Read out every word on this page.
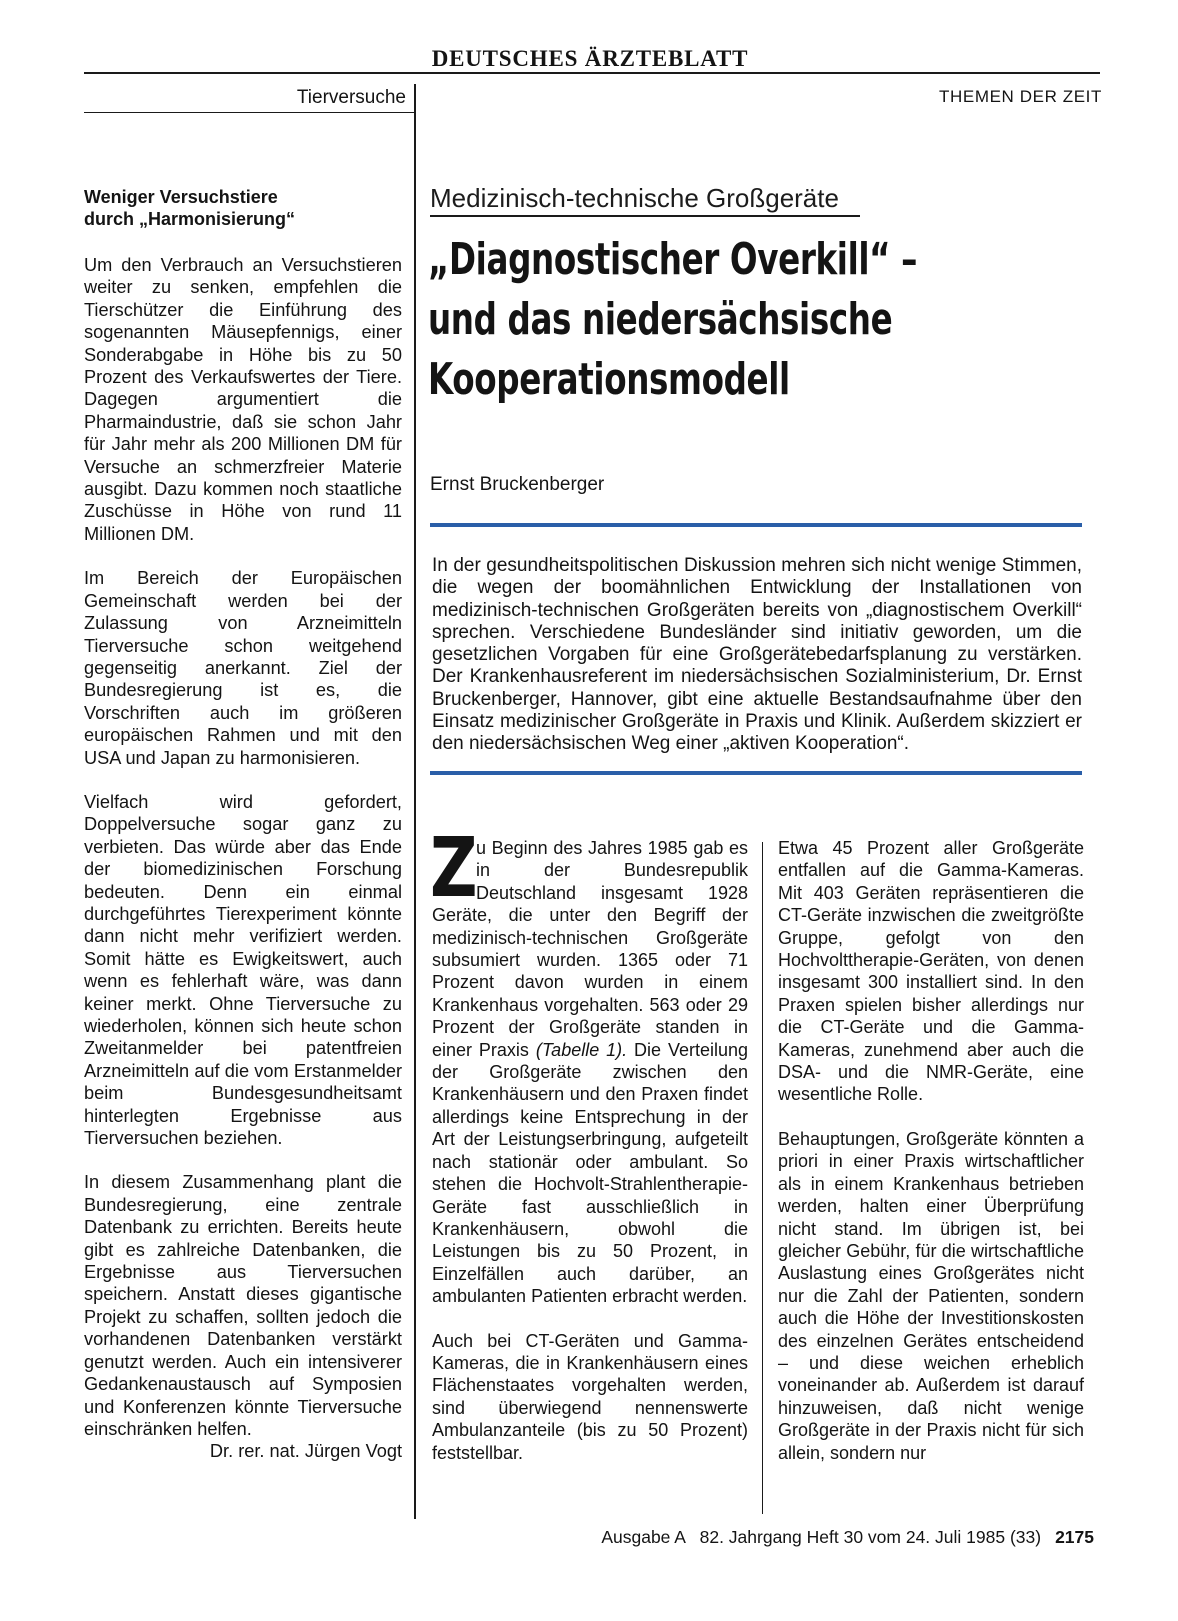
DEUTSCHES ÄRZTEBLATT
Tierversuche	THEMEN DER ZEIT
Weniger Versuchstiere
durch „Harmonisierung“

Um den Verbrauch an Versuchstieren weiter zu senken, empfehlen die Tierschützer die Einführung des sogenannten Mäusepfennigs, einer Sonderabgabe in Höhe bis zu 50 Prozent des Verkaufswertes der Tiere. Dagegen argumentiert die Pharmaindustrie, daß sie schon Jahr für Jahr mehr als 200 Millionen DM für Versuche an schmerzfreier Materie ausgibt. Dazu kommen noch staatliche Zuschüsse in Höhe von rund 11 Millionen DM.

Im Bereich der Europäischen Gemeinschaft werden bei der Zulassung von Arzneimitteln Tierversuche schon weitgehend gegenseitig anerkannt. Ziel der Bundesregierung ist es, die Vorschriften auch im größeren europäischen Rahmen und mit den USA und Japan zu harmonisieren.

Vielfach wird gefordert, Doppelversuche sogar ganz zu verbieten. Das würde aber das Ende der biomedizinischen Forschung bedeuten. Denn ein einmal durchgeführtes Tierexperiment könnte dann nicht mehr verifiziert werden. Somit hätte es Ewigkeitswert, auch wenn es fehlerhaft wäre, was dann keiner merkt. Ohne Tierversuche zu wiederholen, können sich heute schon Zweitanmelder bei patentfreien Arzneimitteln auf die vom Erstanmelder beim Bundesgesundheitsamt hinterlegten Ergebnisse aus Tierversuchen beziehen.

In diesem Zusammenhang plant die Bundesregierung, eine zentrale Datenbank zu errichten. Bereits heute gibt es zahlreiche Datenbanken, die Ergebnisse aus Tierversuchen speichern. Anstatt dieses gigantische Projekt zu schaffen, sollten jedoch die vorhandenen Datenbanken verstärkt genutzt werden. Auch ein intensiverer Gedankenaustausch auf Symposien und Konferenzen könnte Tierversuche einschränken helfen.

Dr. rer. nat. Jürgen Vogt
Medizinisch-technische Großgeräte
„Diagnostischer Overkill“ –
und das niedersächsische
Kooperationsmodell
Ernst Bruckenberger
In der gesundheitspolitischen Diskussion mehren sich nicht wenige Stimmen, die wegen der boomähnlichen Entwicklung der Installationen von medizinisch-technischen Großgeräten bereits von „diagnostischem Overkill“ sprechen. Verschiedene Bundesländer sind initiativ geworden, um die gesetzlichen Vorgaben für eine Großgerätebedarfsplanung zu verstärken. Der Krankenhausreferent im niedersächsischen Sozialministerium, Dr. Ernst Bruckenberger, Hannover, gibt eine aktuelle Bestandsaufnahme über den Einsatz medizinischer Großgeräte in Praxis und Klinik. Außerdem skizziert er den niedersächsischen Weg einer „aktiven Kooperation“.

Z
u Beginn des Jahres 1985 gab es in der Bundesrepublik Deutschland insgesamt 1928 Geräte, die unter den Begriff der medizinisch-technischen Großgeräte subsumiert wurden. 1365 oder 71 Prozent davon wurden in einem Krankenhaus vorgehalten. 563 oder 29 Prozent der Großgeräte standen in einer Praxis (Tabelle 1). Die Verteilung der Großgeräte zwischen den Krankenhäusern und den Praxen findet allerdings keine Entsprechung in der Art der Leistungserbringung, aufgeteilt nach stationär oder ambulant. So stehen die Hochvolt-Strahlentherapie-Geräte fast ausschließlich in Krankenhäusern, obwohl die Leistungen bis zu 50 Prozent, in Einzelfällen auch darüber, an ambulanten Patienten erbracht werden.

Auch bei CT-Geräten und Gamma-Kameras, die in Krankenhäusern eines Flächenstaates vorgehalten werden, sind überwiegend nennenswerte Ambulanzanteile (bis zu 50 Prozent) feststellbar.

Etwa 45 Prozent aller Großgeräte entfallen auf die Gamma-Kameras. Mit 403 Geräten repräsentieren die CT-Geräte inzwischen die zweitgrößte Gruppe, gefolgt von den Hochvolttherapie-Geräten, von denen insgesamt 300 installiert sind. In den Praxen spielen bisher allerdings nur die CT-Geräte und die Gamma-Kameras, zunehmend aber auch die DSA- und die NMR-Geräte, eine wesentliche Rolle.

Behauptungen, Großgeräte könnten a priori in einer Praxis wirtschaftlicher als in einem Krankenhaus betrieben werden, halten einer Überprüfung nicht stand. Im übrigen ist, bei gleicher Gebühr, für die wirtschaftliche Auslastung eines Großgerätes nicht nur die Zahl der Patienten, sondern auch die Höhe der Investitionskosten des einzelnen Gerätes entscheidend – und diese weichen erheblich voneinander ab. Außerdem ist darauf hinzuweisen, daß nicht wenige Großgeräte in der Praxis nicht für sich allein, sondern nur

Ausgabe A   82. Jahrgang Heft 30 vom 24. Juli 1985 (33) 2175
